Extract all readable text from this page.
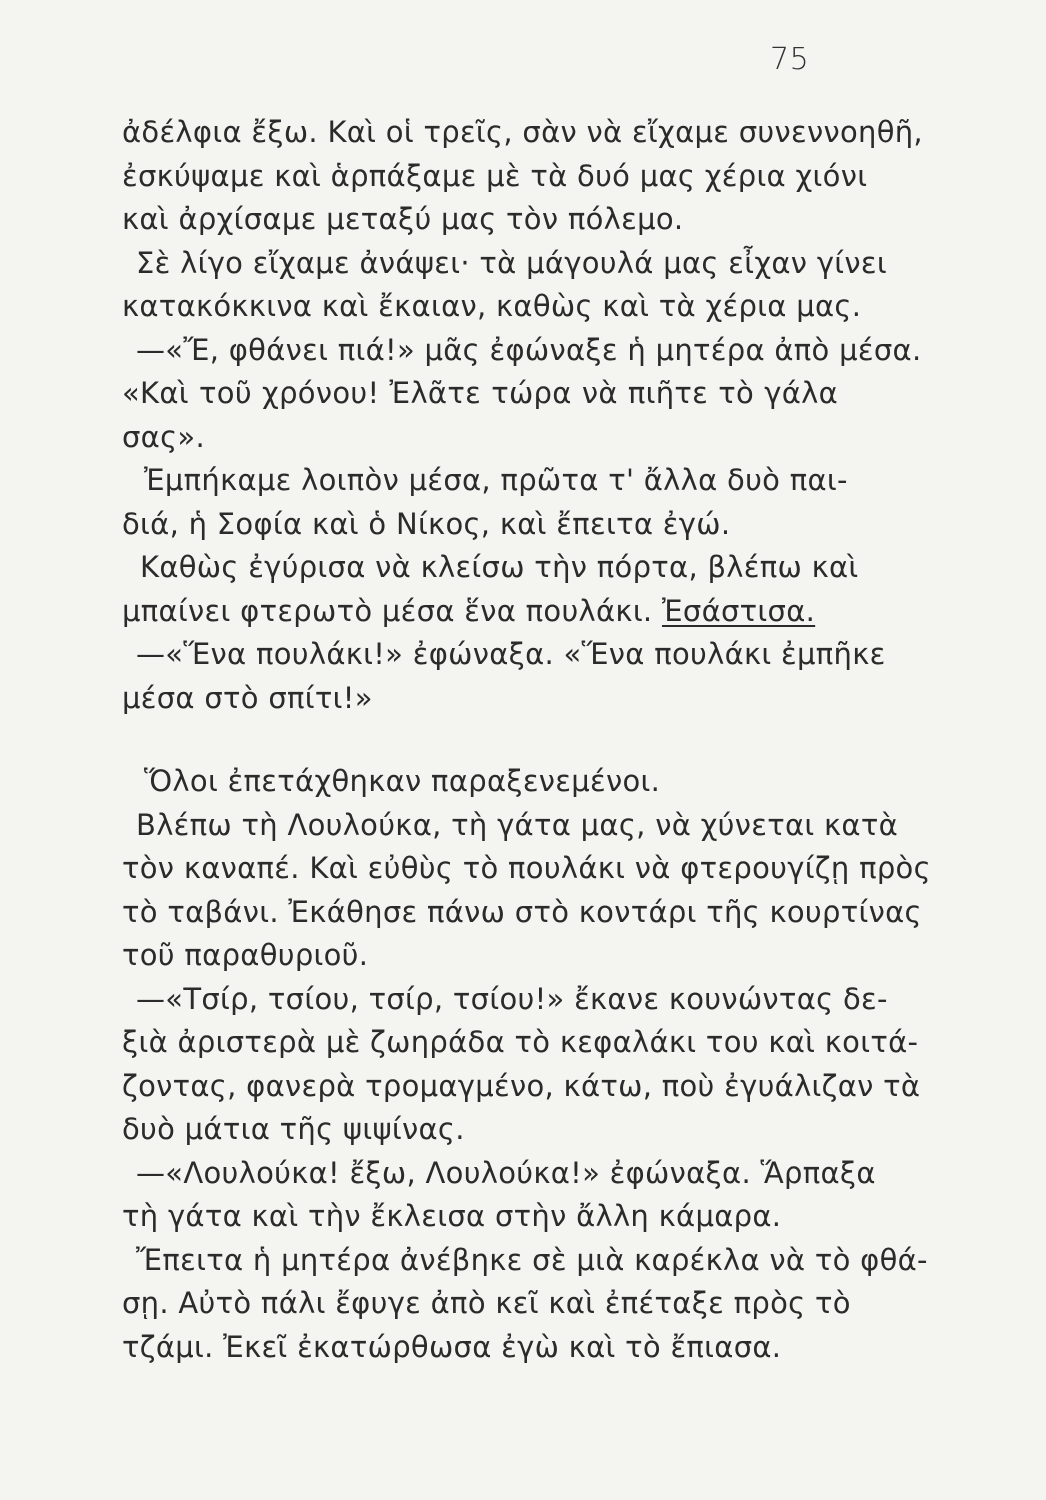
75
ἀδέλφια ἔξω. Καὶ οἱ τρεῖς, σὰν νὰ εἴχαμε συνεννοηθῆ,
ἐσκύψαμε καὶ ἁρπάξαμε μὲ τὰ δυό μας χέρια χιόνι
καὶ ἀρχίσαμε μεταξύ μας τὸν πόλεμο.
Σὲ λίγο εἴχαμε ἀνάψει· τὰ μάγουλά μας εἶχαν γίνει
κατακόκκινα καὶ ἔκαιαν, καθὼς καὶ τὰ χέρια μας.
—«Ἔ, φθάνει πιά!» μᾶς ἐφώναξε ἡ μητέρα ἀπὸ μέσα.
«Καὶ τοῦ χρόνου! Ἐλᾶτε τώρα νὰ πιῆτε τὸ γάλα
σας».
Ἐμπήκαμε λοιπὸν μέσα, πρῶτα τ' ἄλλα δυὸ παι-
διά, ἡ Σοφία καὶ ὁ Νίκος, καὶ ἔπειτα ἐγώ.
Καθὼς ἐγύρισα νὰ κλείσω τὴν πόρτα, βλέπω καὶ
μπαίνει φτερωτὸ μέσα ἕνα πουλάκι. Ἐσάστισα.
—«Ἕνα πουλάκι!» ἐφώναξα. «Ἕνα πουλάκι ἐμπῆκε
μέσα στὸ σπίτι!»
Ὅλοι ἐπετάχθηκαν παραξενεμένοι.
Βλέπω τὴ Λουλούκα, τὴ γάτα μας, νὰ χύνεται κατὰ
τὸν καναπέ. Καὶ εὐθὺς τὸ πουλάκι νὰ φτερουγίζῃ πρὸς
τὸ ταβάνι. Ἐκάθησε πάνω στὸ κοντάρι τῆς κουρτίνας
τοῦ παραθυριοῦ.
—«Τσίρ, τσίου, τσίρ, τσίου!» ἔκανε κουνώντας δε-
ξιὰ ἀριστερὰ μὲ ζωηράδα τὸ κεφαλάκι του καὶ κοιτά-
ζοντας, φανερὰ τρομαγμένο, κάτω, ποὺ ἐγυάλιζαν τὰ
δυὸ μάτια τῆς ψιψίνας.
—«Λουλούκα! ἔξω, Λουλούκα!» ἐφώναξα. Ἅρπαξα
τὴ γάτα καὶ τὴν ἔκλεισα στὴν ἄλλη κάμαρα.
Ἔπειτα ἡ μητέρα ἀνέβηκε σὲ μιὰ καρέκλα νὰ τὸ φθά-
σῃ. Αὐτὸ πάλι ἔφυγε ἀπὸ κεῖ καὶ ἐπέταξε πρὸς τὸ
τζάμι. Ἐκεῖ ἐκατώρθωσα ἐγὼ καὶ τὸ ἔπιασα.
